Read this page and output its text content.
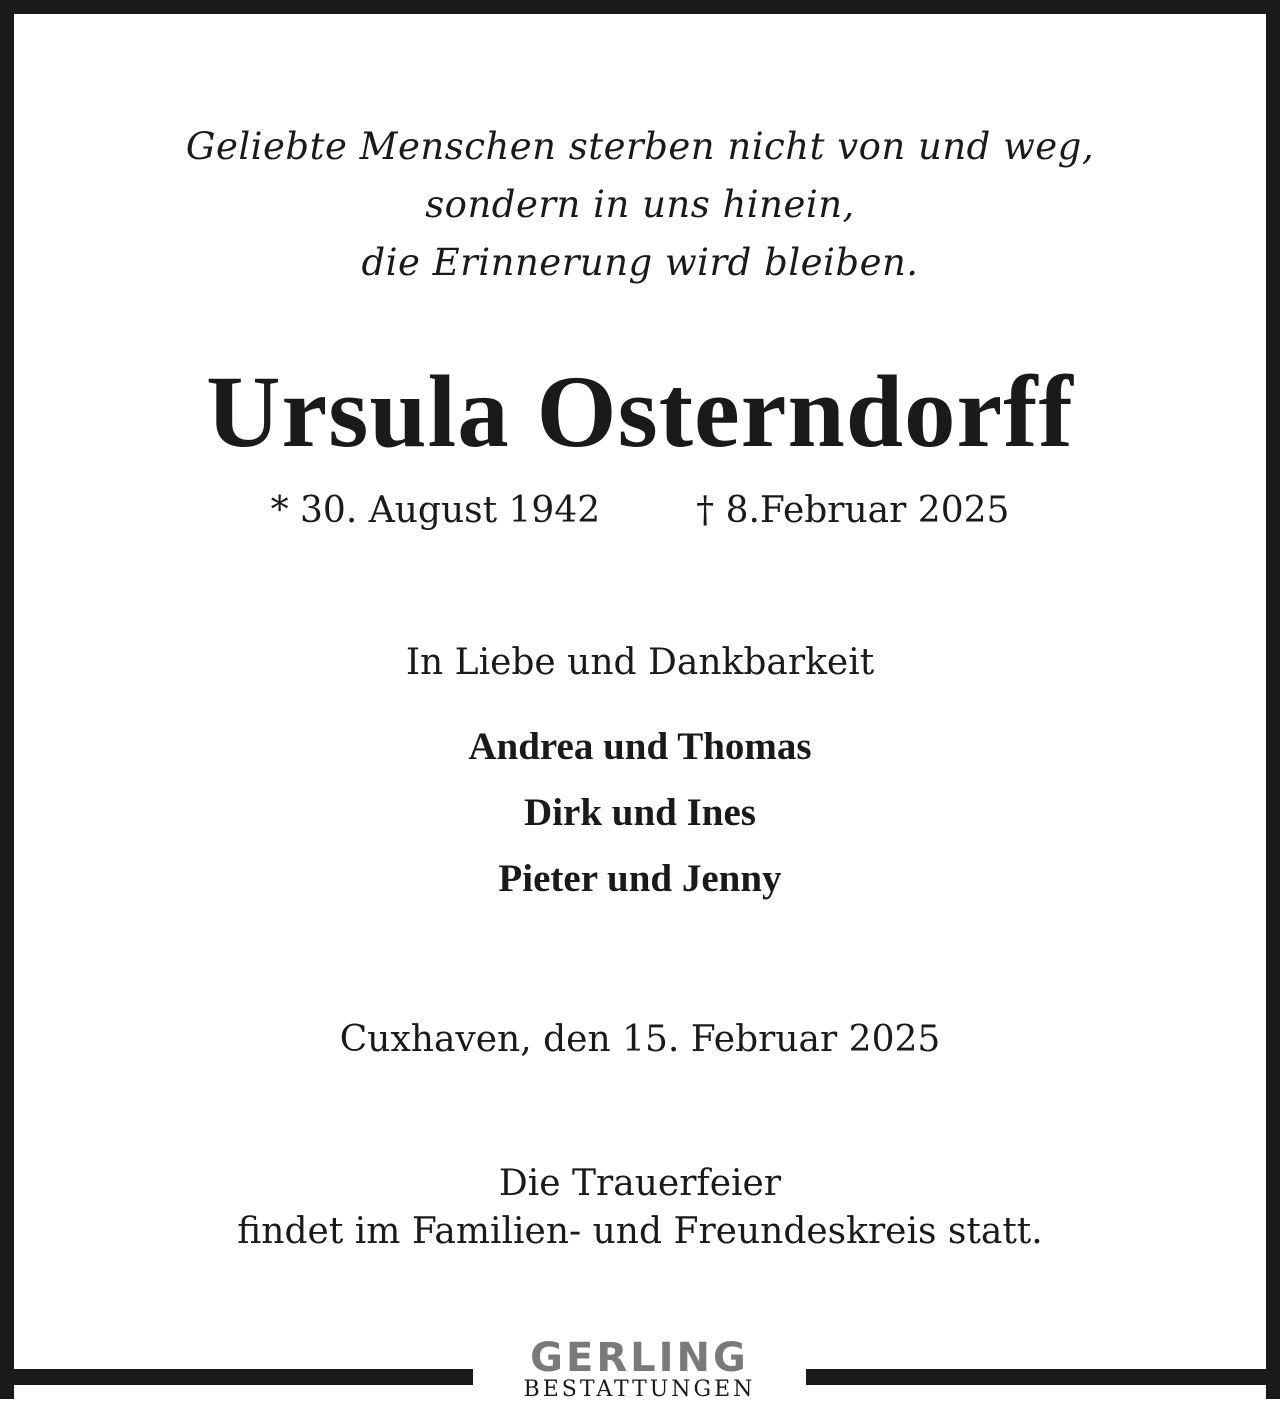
Geliebte Menschen sterben nicht von und weg,
sondern in uns hinein,
die Erinnerung wird bleiben.
Ursula Osterndorff
* 30. August 1942	† 8.Februar 2025
In Liebe und Dankbarkeit
Andrea und Thomas
Dirk und Ines
Pieter und Jenny
Cuxhaven, den 15. Februar 2025
Die Trauerfeier
findet im Familien- und Freundeskreis statt.
GERLING
BESTATTUNGEN
